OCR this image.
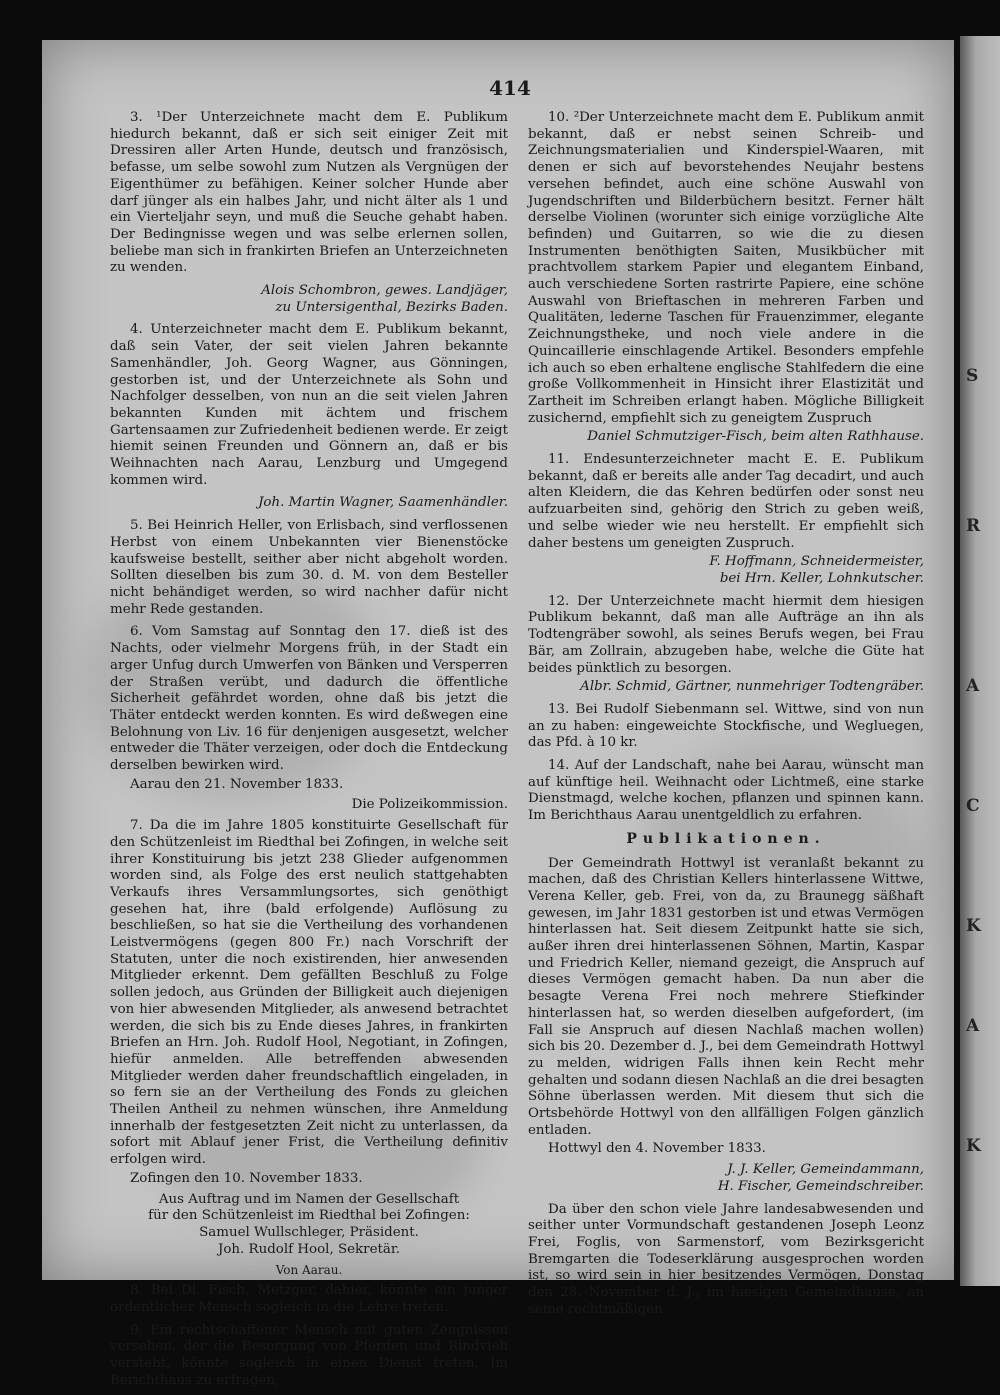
S
R
A
C
K
A
K
414

3. ¹Der Unterzeichnete macht dem E. Publikum hiedurch bekannt, daß er sich seit einiger Zeit mit Dressiren aller Arten Hunde, deutsch und französisch, befasse, um selbe sowohl zum Nutzen als Vergnügen der Eigenthümer zu befähigen. Keiner solcher Hunde aber darf jünger als ein halbes Jahr, und nicht älter als 1 und ein Vierteljahr seyn, und muß die Seuche gehabt haben. Der Bedingnisse wegen und was selbe erlernen sollen, beliebe man sich in frankirten Briefen an Unterzeichneten zu wenden.

Alois Schombron, gewes. Landjäger,
zu Untersigenthal, Bezirks Baden.

4. Unterzeichneter macht dem E. Publikum bekannt, daß sein Vater, der seit vielen Jahren bekannte Samenhändler, Joh. Georg Wagner, aus Gönningen, gestorben ist, und der Unterzeichnete als Sohn und Nachfolger desselben, von nun an die seit vielen Jahren bekannten Kunden mit ächtem und frischem Gartensaamen zur Zufriedenheit bedienen werde. Er zeigt hiemit seinen Freunden und Gönnern an, daß er bis Weihnachten nach Aarau, Lenzburg und Umgegend kommen wird.

Joh. Martin Wagner, Saamenhändler.

5. Bei Heinrich Heller, von Erlisbach, sind verflossenen Herbst von einem Unbekannten vier Bienenstöcke kaufsweise bestellt, seither aber nicht abgeholt worden. Sollten dieselben bis zum 30. d. M. von dem Besteller nicht behändiget werden, so wird nachher dafür nicht mehr Rede gestanden.

6. Vom Samstag auf Sonntag den 17. dieß ist des Nachts, oder vielmehr Morgens früh, in der Stadt ein arger Unfug durch Umwerfen von Bänken und Versperren der Straßen verübt, und dadurch die öffentliche Sicherheit gefährdet worden, ohne daß bis jetzt die Thäter entdeckt werden konnten. Es wird deßwegen eine Belohnung von Liv. 16 für denjenigen ausgesetzt, welcher entweder die Thäter verzeigen, oder doch die Entdeckung derselben bewirken wird.

Aarau den 21. November 1833.
Die Polizeikommission.

7. Da die im Jahre 1805 konstituirte Gesellschaft für den Schützenleist im Riedthal bei Zofingen, in welche seit ihrer Konstituirung bis jetzt 238 Glieder aufgenommen worden sind, als Folge des erst neulich stattgehabten Verkaufs ihres Versammlungsortes, sich genöthigt gesehen hat, ihre (bald erfolgende) Auflösung zu beschließen, so hat sie die Vertheilung des vorhandenen Leistvermögens (gegen 800 Fr.) nach Vorschrift der Statuten, unter die noch existirenden, hier anwesenden Mitglieder erkennt. Dem gefällten Beschluß zu Folge sollen jedoch, aus Gründen der Billigkeit auch diejenigen von hier abwesenden Mitglieder, als anwesend betrachtet werden, die sich bis zu Ende dieses Jahres, in frankirten Briefen an Hrn. Joh. Rudolf Hool, Negotiant, in Zofingen, hiefür anmelden. Alle betreffenden abwesenden Mitglieder werden daher freundschaftlich eingeladen, in so fern sie an der Vertheilung des Fonds zu gleichen Theilen Antheil zu nehmen wünschen, ihre Anmeldung innerhalb der festgesetzten Zeit nicht zu unterlassen, da sofort mit Ablauf jener Frist, die Vertheilung definitiv erfolgen wird.

Zofingen den 10. November 1833.
Aus Auftrag und im Namen der Gesellschaft
für den Schützenleist im Riedthal bei Zofingen:
Samuel Wullschleger, Präsident.
Joh. Rudolf Hool, Sekretär.
Von Aarau.

8. Bei Dl. Fisch, Metzger, dahier, könnte ein junger ordentlicher Mensch sogleich in die Lehre treten.

9. Ein rechtschaffener Mensch mit guten Zeugnissen versehen, der die Besorgung von Pferden und Rindvieh versteht, könnte sogleich in einen Dienst treten. Im Berichthaus zu erfragen,

10. ²Der Unterzeichnete macht dem E. Publikum anmit bekannt, daß er nebst seinen Schreib- und Zeichnungsmaterialien und Kinderspiel-Waaren, mit denen er sich auf bevorstehendes Neujahr bestens versehen befindet, auch eine schöne Auswahl von Jugendschriften und Bilderbüchern besitzt. Ferner hält derselbe Violinen (worunter sich einige vorzügliche Alte befinden) und Guitarren, so wie die zu diesen Instrumenten benöthigten Saiten, Musikbücher mit prachtvollem starkem Papier und elegantem Einband, auch verschiedene Sorten rastrirte Papiere, eine schöne Auswahl von Brieftaschen in mehreren Farben und Qualitäten, lederne Taschen für Frauenzimmer, elegante Zeichnungstheke, und noch viele andere in die Quincaillerie einschlagende Artikel. Besonders empfehle ich auch so eben erhaltene englische Stahlfedern die eine große Vollkommenheit in Hinsicht ihrer Elastizität und Zartheit im Schreiben erlangt haben. Mögliche Billigkeit zusichernd, empfiehlt sich zu geneigtem Zuspruch

Daniel Schmutziger-Fisch, beim alten Rathhause.

11. Endesunterzeichneter macht E. E. Publikum bekannt, daß er bereits alle ander Tag decadirt, und auch alten Kleidern, die das Kehren bedürfen oder sonst neu aufzuarbeiten sind, gehörig den Strich zu geben weiß, und selbe wieder wie neu herstellt. Er empfiehlt sich daher bestens um geneigten Zuspruch.

F. Hoffmann, Schneidermeister,
bei Hrn. Keller, Lohnkutscher.

12. Der Unterzeichnete macht hiermit dem hiesigen Publikum bekannt, daß man alle Aufträge an ihn als Todtengräber sowohl, als seines Berufs wegen, bei Frau Bär, am Zollrain, abzugeben habe, welche die Güte hat beides pünktlich zu besorgen.

Albr. Schmid, Gärtner, nunmehriger Todtengräber.

13. Bei Rudolf Siebenmann sel. Wittwe, sind von nun an zu haben: eingeweichte Stockfische, und Wegluegen, das Pfd. à 10 kr.

14. Auf der Landschaft, nahe bei Aarau, wünscht man auf künftige heil. Weihnacht oder Lichtmeß, eine starke Dienstmagd, welche kochen, pflanzen und spinnen kann. Im Berichthaus Aarau unentgeldlich zu erfahren.

Publikationen.

Der Gemeindrath Hottwyl ist veranlaßt bekannt zu machen, daß des Christian Kellers hinterlassene Wittwe, Verena Keller, geb. Frei, von da, zu Braunegg säßhaft gewesen, im Jahr 1831 gestorben ist und etwas Vermögen hinterlassen hat. Seit diesem Zeitpunkt hatte sie sich, außer ihren drei hinterlassenen Söhnen, Martin, Kaspar und Friedrich Keller, niemand gezeigt, die Anspruch auf dieses Vermögen gemacht haben. Da nun aber die besagte Verena Frei noch mehrere Stiefkinder hinterlassen hat, so werden dieselben aufgefordert, (im Fall sie Anspruch auf diesen Nachlaß machen wollen) sich bis 20. Dezember d. J., bei dem Gemeindrath Hottwyl zu melden, widrigen Falls ihnen kein Recht mehr gehalten und sodann diesen Nachlaß an die drei besagten Söhne überlassen werden. Mit diesem thut sich die Ortsbehörde Hottwyl von den allfälligen Folgen gänzlich entladen.

Hottwyl den 4. November 1833.
J. J. Keller, Gemeindammann,
H. Fischer, Gemeindschreiber.

Da über den schon viele Jahre landesabwesenden und seither unter Vormundschaft gestandenen Joseph Leonz Frei, Foglis, von Sarmenstorf, vom Bezirksgericht Bremgarten die Todeserklärung ausgesprochen worden ist, so wird sein in hier besitzendes Vermögen, Donstag den 28. November d. J., im hiesigen Gemeindhause, an seine rechtmäßigen
